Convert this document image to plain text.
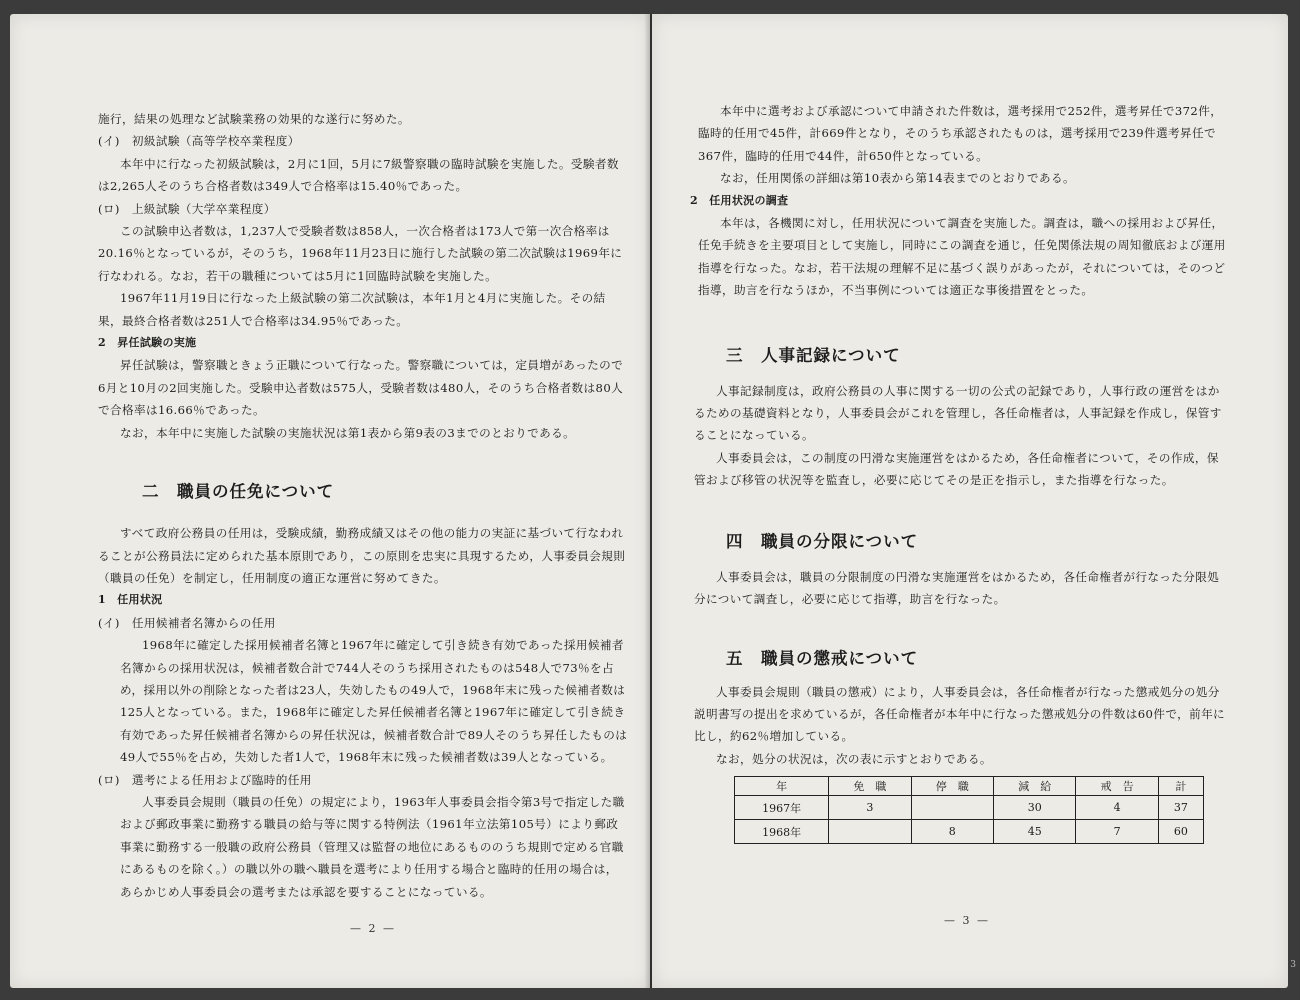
施行，結果の処理など試験業務の効果的な遂行に努めた。

(イ)　初級試験（高等学校卒業程度）

本年中に行なった初級試験は，2月に1回，5月に7級警察職の臨時試験を実施した。受験者数は2,265人そのうち合格者数は349人で合格率は15.40％であった。

(ロ)　上級試験（大学卒業程度）

この試験申込者数は，1,237人で受験者数は858人，一次合格者は173人で第一次合格率は20.16％となっているが，そのうち，1968年11月23日に施行した試験の第二次試験は1969年に行なわれる。なお，若干の職種については5月に1回臨時試験を実施した。

1967年11月19日に行なった上級試験の第二次試験は，本年1月と4月に実施した。その結果，最終合格者数は251人で合格率は34.95％であった。

2　昇任試験の実施

昇任試験は，警察職ときょう正職について行なった。警察職については，定員増があったので6月と10月の2回実施した。受験申込者数は575人，受験者数は480人，そのうち合格者数は80人で合格率は16.66％であった。

なお，本年中に実施した試験の実施状況は第1表から第9表の3までのとおりである。

二　職員の任免について

すべて政府公務員の任用は，受験成績，勤務成績又はその他の能力の実証に基づいて行なわれることが公務員法に定められた基本原則であり，この原則を忠実に具現するため，人事委員会規則（職員の任免）を制定し，任用制度の適正な運営に努めてきた。

1　任用状況

(イ)　任用候補者名簿からの任用

1968年に確定した採用候補者名簿と1967年に確定して引き続き有効であった採用候補者名簿からの採用状況は，候補者数合計で744人そのうち採用されたものは548人で73％を占め，採用以外の削除となった者は23人，失効したもの49人で，1968年末に残った候補者数は125人となっている。また，1968年に確定した昇任候補者名簿と1967年に確定して引き続き有効であった昇任候補者名簿からの昇任状況は，候補者数合計で89人そのうち昇任したものは49人で55％を占め，失効した者1人で，1968年末に残った候補者数は39人となっている。

(ロ)　選考による任用および臨時的任用

人事委員会規則（職員の任免）の規定により，1963年人事委員会指令第3号で指定した職および郵政事業に勤務する職員の給与等に関する特例法（1961年立法第105号）により郵政事業に勤務する一般職の政府公務員（管理又は監督の地位にあるもののうち規則で定める官職にあるものを除く。）の職以外の職へ職員を選考により任用する場合と臨時的任用の場合は，あらかじめ人事委員会の選考または承認を要することになっている。

— 2 —

本年中に選考および承認について申請された件数は，選考採用で252件，選考昇任で372件，臨時的任用で45件，計669件となり，そのうち承認されたものは，選考採用で239件選考昇任で367件，臨時的任用で44件，計650件となっている。

なお，任用関係の詳細は第10表から第14表までのとおりである。

2　任用状況の調査

本年は，各機関に対し，任用状況について調査を実施した。調査は，職への採用および昇任，任免手続きを主要項目として実施し，同時にこの調査を通じ，任免関係法規の周知徹底および運用指導を行なった。なお，若干法規の理解不足に基づく誤りがあったが，それについては，そのつど指導，助言を行なうほか，不当事例については適正な事後措置をとった。

三　人事記録について

人事記録制度は，政府公務員の人事に関する一切の公式の記録であり，人事行政の運営をはかるための基礎資料となり，人事委員会がこれを管理し，各任命権者は，人事記録を作成し，保管することになっている。

人事委員会は，この制度の円滑な実施運営をはかるため，各任命権者について，その作成，保管および移管の状況等を監査し，必要に応じてその是正を指示し，また指導を行なった。

四　職員の分限について

人事委員会は，職員の分限制度の円滑な実施運営をはかるため，各任命権者が行なった分限処分について調査し，必要に応じて指導，助言を行なった。

五　職員の懲戒について

人事委員会規則（職員の懲戒）により，人事委員会は，各任命権者が行なった懲戒処分の処分説明書写の提出を求めているが，各任命権者が本年中に行なった懲戒処分の件数は60件で，前年に比し，約62％増加している。

なお，処分の状況は，次の表に示すとおりである。

年	免　職	停　職	減　給	戒　告	計
1967年	3		30	4	37
1968年		8	45	7	60
— 3 —
3
